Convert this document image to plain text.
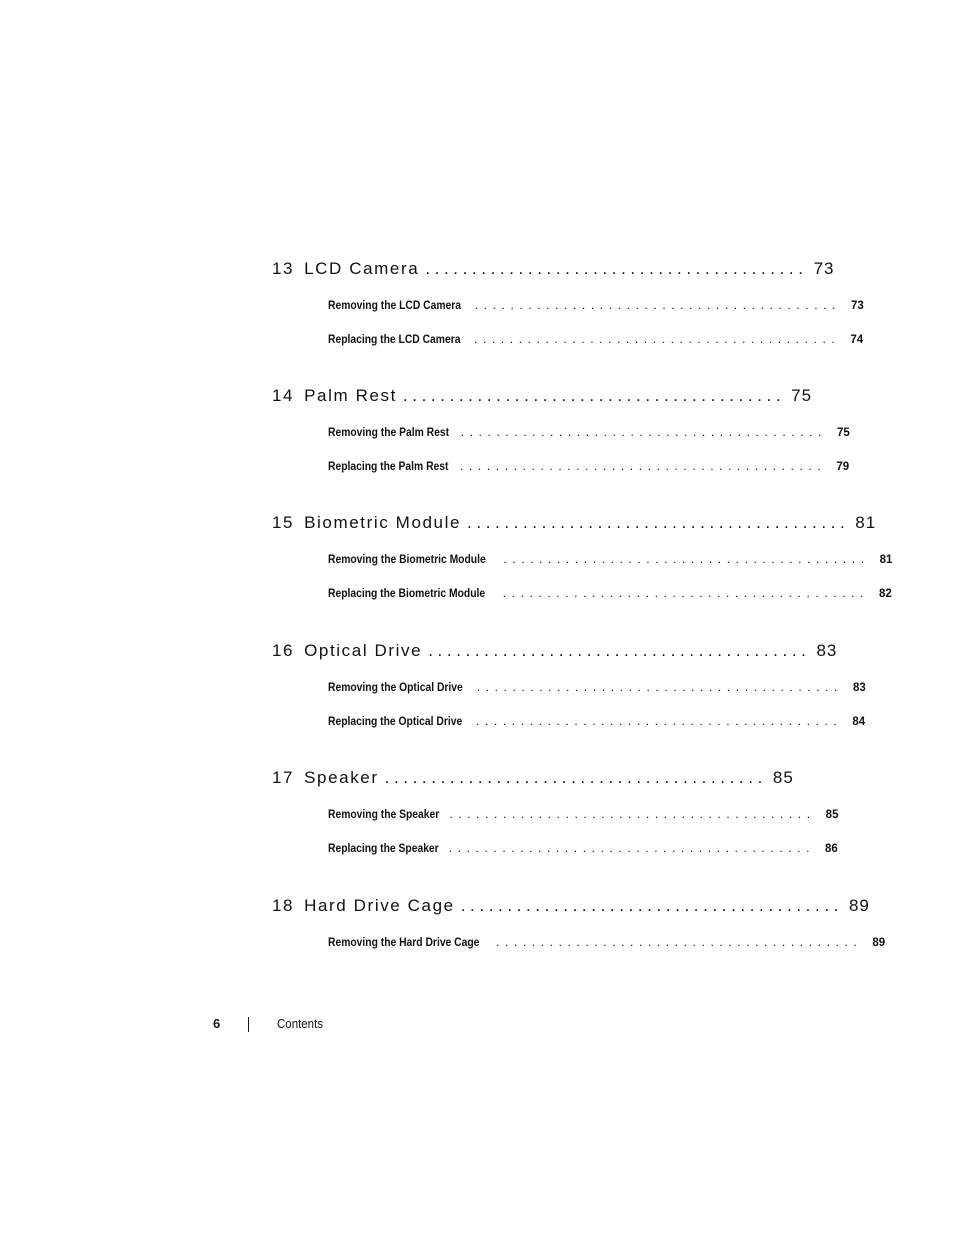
13 LCD Camera ......................................... 73
Removing the LCD Camera ......................................... 73
Replacing the LCD Camera ......................................... 74
14 Palm Rest ......................................... 75
Removing the Palm Rest ......................................... 75
Replacing the Palm Rest ......................................... 79
15 Biometric Module ......................................... 81
Removing the Biometric Module ......................................... 81
Replacing the Biometric Module ......................................... 82
16 Optical Drive ......................................... 83
Removing the Optical Drive ......................................... 83
Replacing the Optical Drive ......................................... 84
17 Speaker ......................................... 85
Removing the Speaker ......................................... 85
Replacing the Speaker ......................................... 86
18 Hard Drive Cage ......................................... 89
Removing the Hard Drive Cage ......................................... 89
6	Contents
